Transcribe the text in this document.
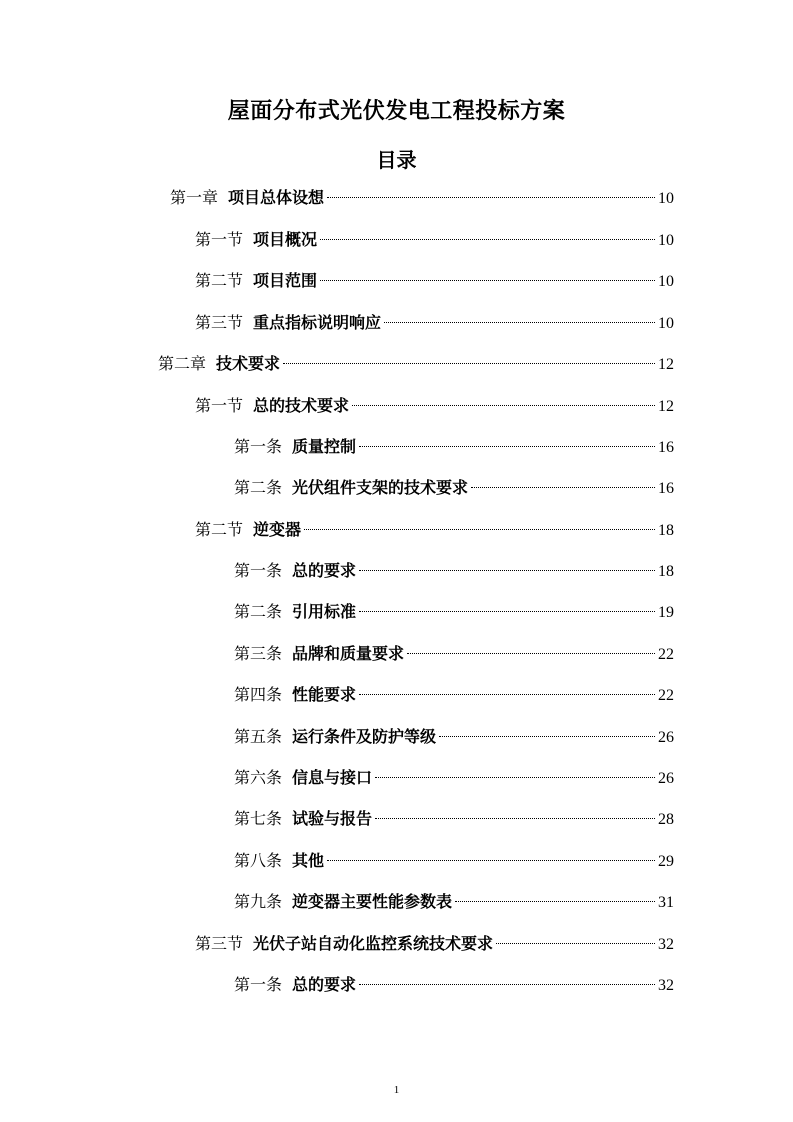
屋面分布式光伏发电工程投标方案
目录
第一章 项目总体设想	10
第一节 项目概况	10
第二节 项目范围	10
第三节 重点指标说明响应	10
第二章 技术要求	12
第一节 总的技术要求	12
第一条 质量控制	16
第二条 光伏组件支架的技术要求	16
第二节 逆变器	18
第一条 总的要求	18
第二条 引用标准	19
第三条 品牌和质量要求	22
第四条 性能要求	22
第五条 运行条件及防护等级	26
第六条 信息与接口	26
第七条 试验与报告	28
第八条 其他	29
第九条 逆变器主要性能参数表	31
第三节 光伏子站自动化监控系统技术要求	32
第一条 总的要求	32
1
